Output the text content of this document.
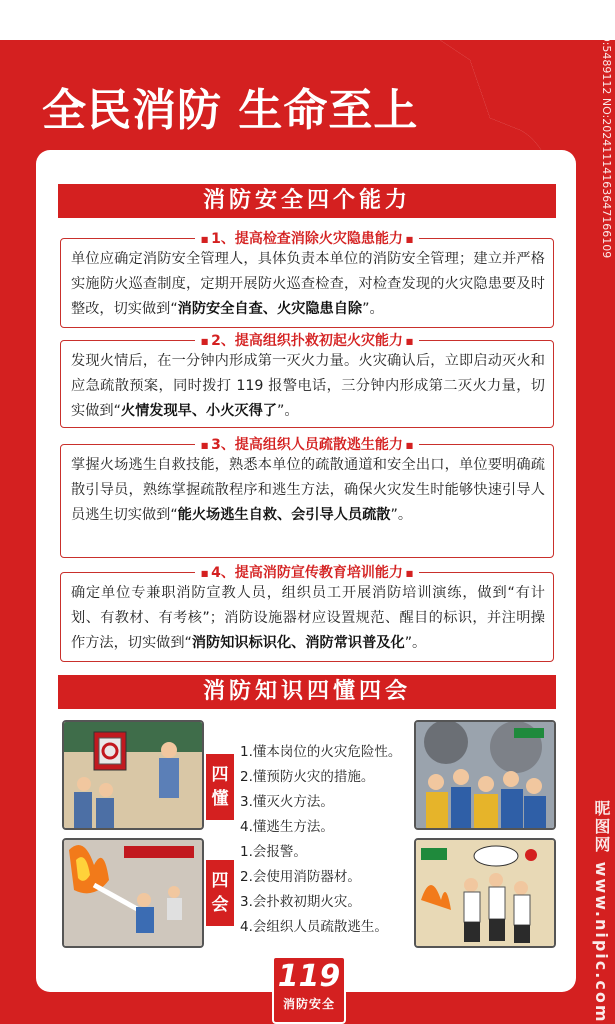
全民消防 生命至上	ID:5489112 NO:20241114163647166109
消防安全四个能力
■ 1、提高检查消除火灾隐患能力 ■
单位应确定消防安全管理人，具体负责本单位的消防安全管理；建立并严格实施防火巡查制度，定期开展防火巡查检查，对检查发现的火灾隐患要及时整改，切实做到“消防安全自查、火灾隐患自除”。
■ 2、提高组织扑救初起火灾能力 ■
发现火情后，在一分钟内形成第一灭火力量。火灾确认后，立即启动灭火和应急疏散预案，同时拨打 119 报警电话，三分钟内形成第二灭火力量，切实做到“火情发现早、小火灭得了”。
■ 3、提高组织人员疏散逃生能力 ■
掌握火场逃生自救技能，熟悉本单位的疏散通道和安全出口，单位要明确疏散引导员，熟练掌握疏散程序和逃生方法，确保火灾发生时能够快速引导人员逃生切实做到“能火场逃生自救、会引导人员疏散”。
■ 4、提高消防宣传教育培训能力 ■
确定单位专兼职消防宣教人员，组织员工开展消防培训演练，做到“有计划、有教材、有考核”；消防设施器材应设置规范、醒目的标识，并注明操作方法，切实做到“消防知识标识化、消防常识普及化”。
消防知识四懂四会
四
懂
1.懂本岗位的火灾危险性。
2.懂预防火灾的措施。
3.懂灭火方法。
4.懂逃生方法。
四
会
1.会报警。
2.会使用消防器材。
3.会扑救初期火灾。
4.会组织人员疏散逃生。
119
消防安全	昵图网 www.nipic.com
